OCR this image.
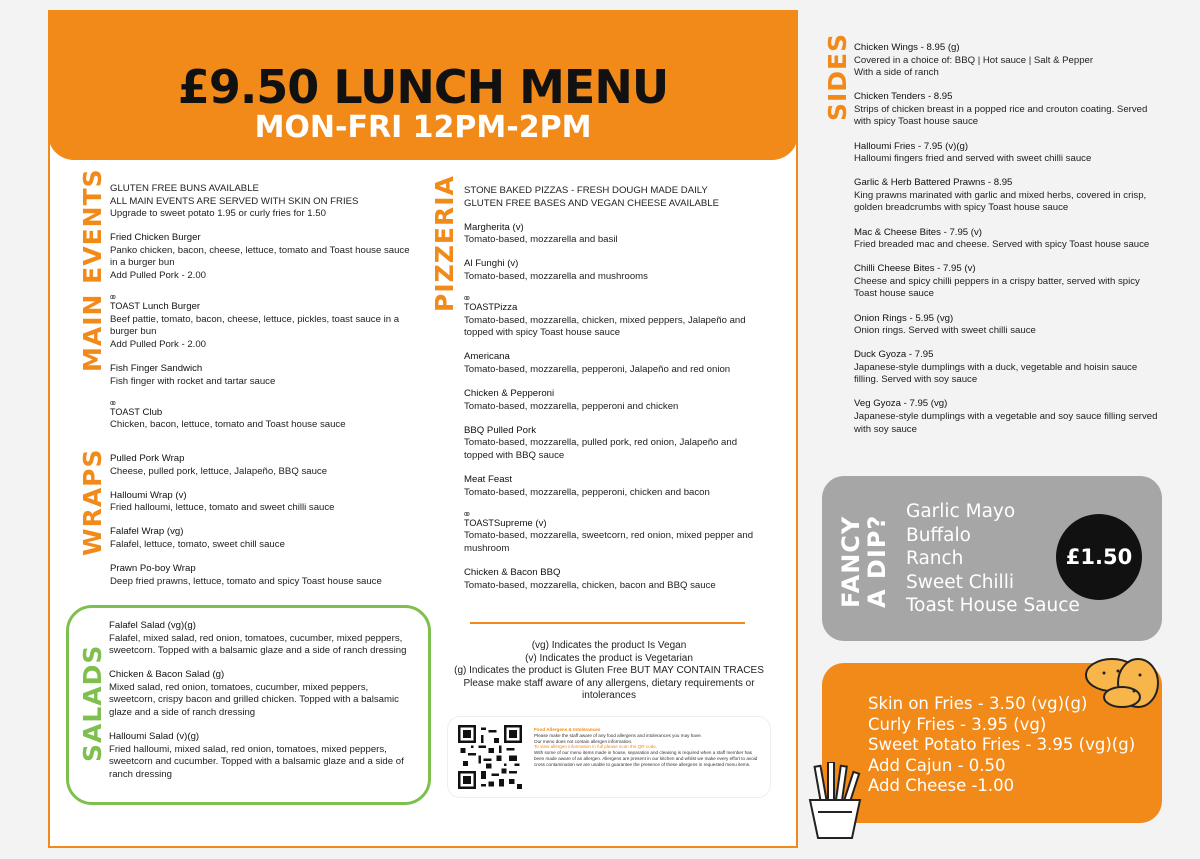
£9.50 LUNCH MENU
MON-FRI 12PM-2PM
MAIN EVENTS GLUTEN FREE BUNS AVAILABLE
ALL MAIN EVENTS ARE SERVED WITH SKIN ON FRIES
Upgrade to sweet potato 1.95 or curly fries for 1.50
Fried Chicken Burger
Panko chicken, bacon, cheese, lettuce, tomato and Toast house sauce in a burger bun
Add Pulled Pork - 2.00
oo
TOAST Lunch Burger
Beef pattie, tomato, bacon, cheese, lettuce, pickles, toast sauce in a burger bun
Add Pulled Pork - 2.00
Fish Finger Sandwich
Fish finger with rocket and tartar sauce
oo
TOAST Club
Chicken, bacon, lettuce, tomato and Toast house sauce
WRAPS Pulled Pork Wrap
Cheese, pulled pork, lettuce, Jalapeño, BBQ sauce
Halloumi Wrap (v)
Fried halloumi, lettuce, tomato and sweet chilli sauce
Falafel Wrap (vg)
Falafel, lettuce, tomato, sweet chill sauce
Prawn Po-boy Wrap
Deep fried prawns, lettuce, tomato and spicy Toast house sauce
SALADS
Falafel Salad (vg)(g)
Falafel, mixed salad, red onion, tomatoes, cucumber, mixed peppers, sweetcorn. Topped with a balsamic glaze and a side of ranch dressing
Chicken & Bacon Salad (g)
Mixed salad, red onion, tomatoes, cucumber, mixed peppers, sweetcorn, crispy bacon and grilled chicken. Topped with a balsamic glaze and a side of ranch dressing
Halloumi Salad (v)(g)
Fried halloumi, mixed salad, red onion, tomatoes, mixed peppers, sweetcorn and cucumber. Topped with a balsamic glaze and a side of ranch dressing
PIZZERIA STONE BAKED PIZZAS - FRESH DOUGH MADE DAILY
GLUTEN FREE BASES AND VEGAN CHEESE AVAILABLE
Margherita (v)
Tomato-based, mozzarella and basil
Al Funghi (v)
Tomato-based, mozzarella and mushrooms
oo
TOASTPizza
Tomato-based, mozzarella, chicken, mixed peppers, Jalapeño and topped with spicy Toast house sauce
Americana
Tomato-based, mozzarella, pepperoni, Jalapeño and red onion
Chicken & Pepperoni
Tomato-based, mozzarella, pepperoni and chicken
BBQ Pulled Pork
Tomato-based, mozzarella, pulled pork, red onion, Jalapeño and topped with BBQ sauce
Meat Feast
Tomato-based, mozzarella, pepperoni, chicken and bacon
oo
TOASTSupreme (v)
Tomato-based, mozzarella, sweetcorn, red onion, mixed pepper and mushroom
Chicken & Bacon BBQ
Tomato-based, mozzarella, chicken, bacon and BBQ sauce
(vg) Indicates the product Is Vegan
(v) Indicates the product is Vegetarian
(g) Indicates the product is Gluten Free BUT MAY CONTAIN TRACES
Please make staff aware of any allergens, dietary requirements or intolerances
Food Allergens & Intolerances
Please make the staff aware of any food allergens and intolerances you may have.
Our menu does not contain allergen information.
To view allergen information in full please scan the QR code.
With some of our menu items made in house, separation and cleaning is required when a staff member has been made aware of an allergen. Allergens are present in our kitchen and whilst we make every effort to avoid cross contamination we are unable to guarantee the presence of these allergens in requested menu items.
SIDES Chicken Wings - 8.95 (g)
Covered in a choice of: BBQ | Hot sauce | Salt & Pepper
With a side of ranch
Chicken Tenders - 8.95
Strips of chicken breast in a popped rice and crouton coating. Served with spicy Toast house sauce
Halloumi Fries - 7.95 (v)(g)
Halloumi fingers fried and served with sweet chilli sauce
Garlic & Herb Battered Prawns - 8.95
King prawns marinated with garlic and mixed herbs, covered in crisp, golden breadcrumbs with spicy Toast house sauce
Mac & Cheese Bites - 7.95 (v)
Fried breaded mac and cheese. Served with spicy Toast house sauce
Chilli Cheese Bites - 7.95 (v)
Cheese and spicy chilli peppers in a crispy batter, served with spicy Toast house sauce
Onion Rings - 5.95 (vg)
Onion rings. Served with sweet chilli sauce
Duck Gyoza - 7.95
Japanese-style dumplings with a duck, vegetable and hoisin sauce filling. Served with soy sauce
Veg Gyoza - 7.95 (vg)
Japanese-style dumplings with a vegetable and soy sauce filling served with soy sauce
FANCY
A DIP?
Garlic Mayo
Buffalo
Ranch
Sweet Chilli
Toast House Sauce
£1.50
Skin on Fries - 3.50 (vg)(g)
Curly Fries - 3.95 (vg)
Sweet Potato Fries - 3.95 (vg)(g)
Add Cajun - 0.50
Add Cheese -1.00
